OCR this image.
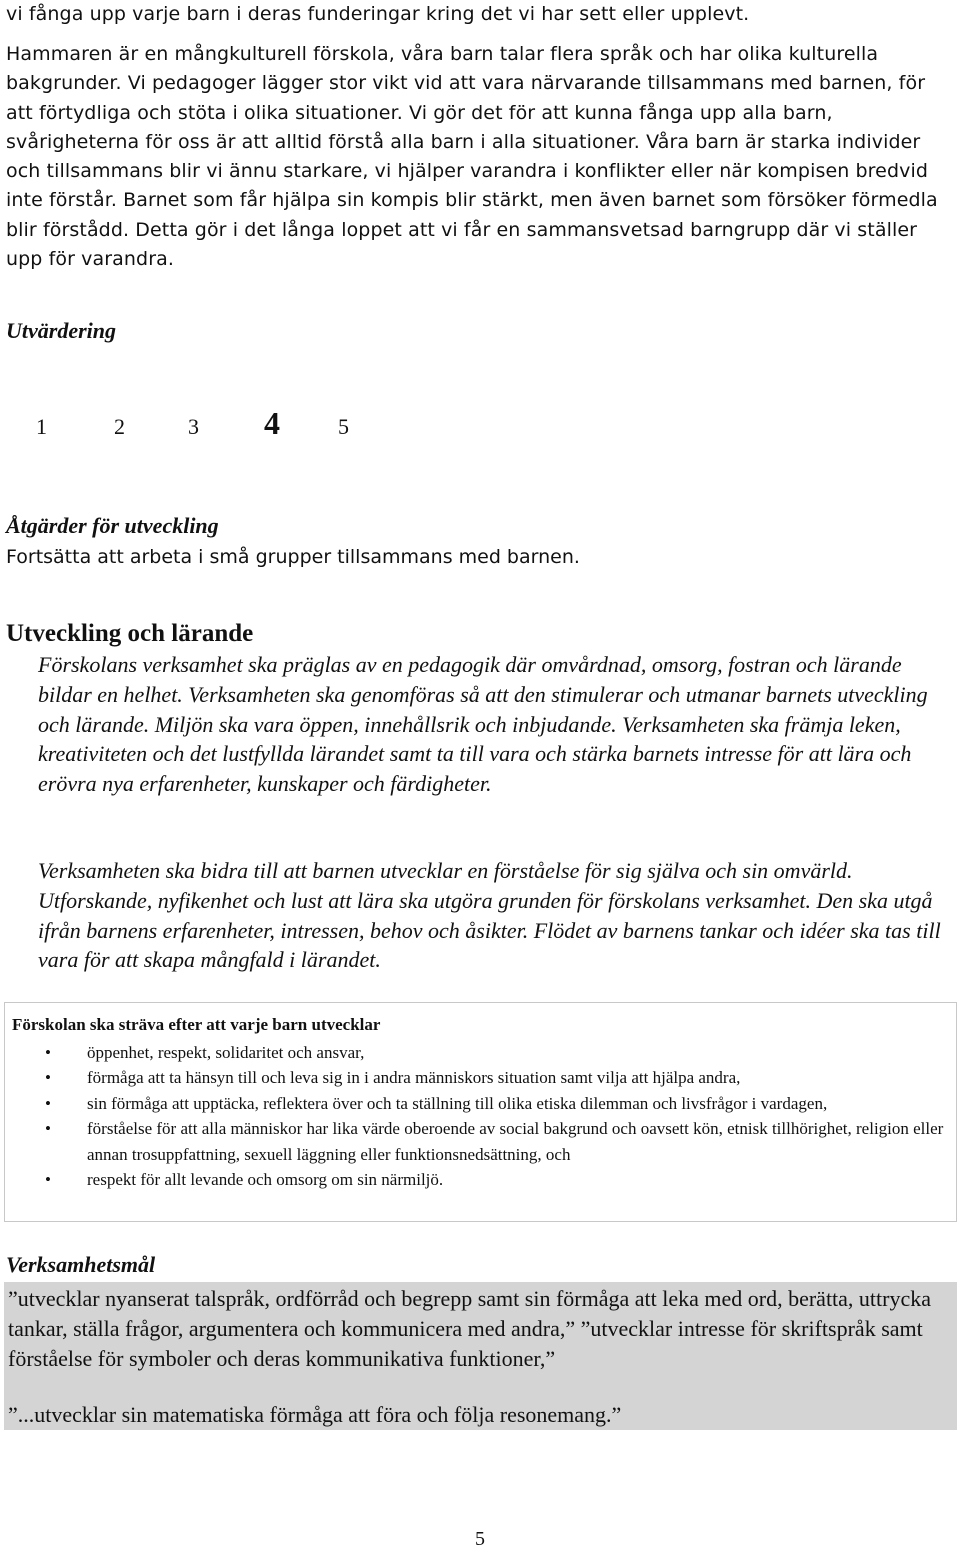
vi fånga upp varje barn i deras funderingar kring det vi har sett eller upplevt.

Hammaren är en mångkulturell förskola, våra barn talar flera språk och har olika kulturella bakgrunder. Vi pedagoger lägger stor vikt vid att vara närvarande tillsammans med barnen, för att förtydliga och stöta i olika situationer. Vi gör det för att kunna fånga upp alla barn, svårigheterna för oss är att alltid förstå alla barn i alla situationer. Våra barn är starka individer och tillsammans blir vi ännu starkare, vi hjälper varandra i konflikter eller när kompisen bredvid inte förstår. Barnet som får hjälpa sin kompis blir stärkt, men även barnet som försöker förmedla blir förstådd. Detta gör i det långa loppet att vi får en sammansvetsad barngrupp där vi ställer upp för varandra.

Utvärdering
1	2	3 4	5
Åtgärder för utveckling

Fortsätta att arbeta i små grupper tillsammans med barnen.

Utveckling och lärande

Förskolans verksamhet ska präglas av en pedagogik där omvårdnad, omsorg, fostran och lärande bildar en helhet. Verksamheten ska genomföras så att den stimulerar och utmanar barnets utveckling och lärande. Miljön ska vara öppen, innehållsrik och inbjudande. Verksamheten ska främja leken, kreativiteten och det lustfyllda lärandet samt ta till vara och stärka barnets intresse för att lära och erövra nya erfarenheter, kunskaper och färdigheter.

Verksamheten ska bidra till att barnen utvecklar en förståelse för sig själva och sin omvärld. Utforskande, nyfikenhet och lust att lära ska utgöra grunden för förskolans verksamhet. Den ska utgå ifrån barnens erfarenheter, intressen, behov och åsikter. Flödet av barnens tankar och idéer ska tas till vara för att skapa mångfald i lärandet.

Förskolan ska sträva efter att varje barn utvecklar
• öppenhet, respekt, solidaritet och ansvar,
• förmåga att ta hänsyn till och leva sig in i andra människors situation samt vilja att hjälpa andra,
• sin förmåga att upptäcka, reflektera över och ta ställning till olika etiska dilemman och livsfrågor i vardagen,
• förståelse för att alla människor har lika värde oberoende av social bakgrund och oavsett kön, etnisk tillhörighet, religion eller annan trosuppfattning, sexuell läggning eller funktionsnedsättning, och
• respekt för allt levande och omsorg om sin närmiljö.
Verksamhetsmål

”utvecklar nyanserat talspråk, ordförråd och begrepp samt sin förmåga att leka med ord, berätta, uttrycka tankar, ställa frågor, argumentera och kommunicera med andra,” ”utvecklar intresse för skriftspråk samt förståelse för symboler och deras kommunikativa funktioner,”

”...utvecklar sin matematiska förmåga att föra och följa resonemang.”

5
